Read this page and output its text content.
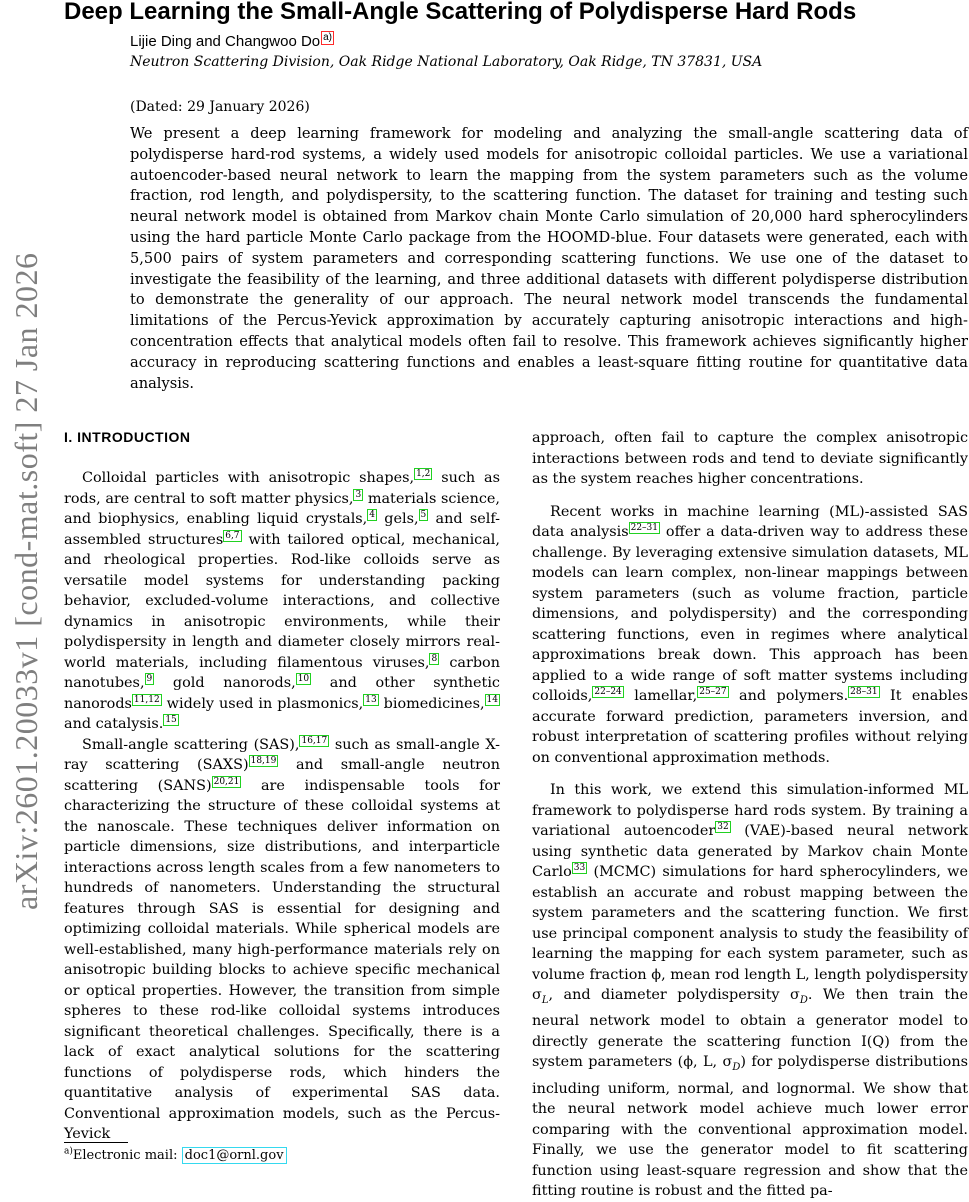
Deep Learning the Small-Angle Scattering of Polydisperse Hard Rods
Lijie Ding and Changwoo Do a)
Neutron Scattering Division, Oak Ridge National Laboratory, Oak Ridge, TN 37831, USA
(Dated: 29 January 2026)

We present a deep learning framework for modeling and analyzing the small-angle scattering data of polydisperse hard-rod systems, a widely used models for anisotropic colloidal particles. We use a variational autoencoder-based neural network to learn the mapping from the system parameters such as the volume fraction, rod length, and polydispersity, to the scattering function. The dataset for training and testing such neural network model is obtained from Markov chain Monte Carlo simulation of 20,000 hard spherocylinders using the hard particle Monte Carlo package from the HOOMD-blue. Four datasets were generated, each with 5,500 pairs of system parameters and corresponding scattering functions. We use one of the dataset to investigate the feasibility of the learning, and three additional datasets with different polydisperse distribution to demonstrate the generality of our approach. The neural network model transcends the fundamental limitations of the Percus-Yevick approximation by accurately capturing anisotropic interactions and high-concentration effects that analytical models often fail to resolve. This framework achieves significantly higher accuracy in reproducing scattering functions and enables a least-square fitting routine for quantitative data analysis.

arXiv:2601.20033v1 [cond-mat.soft] 27 Jan 2026 I. INTRODUCTION

Colloidal particles with anisotropic shapes, $^{1,2}$ such as rods, are central to soft matter physics, $^3$ materials science, and biophysics, enabling liquid crystals, $^4$ gels, $^5$ and self-assembled structures $^{6,7}$ with tailored optical, mechanical, and rheological properties. Rod-like colloids serve as versatile model systems for understanding packing behavior, excluded-volume interactions, and collective dynamics in anisotropic environments, while their polydispersity in length and diameter closely mirrors real-world materials, including filamentous viruses, $^8$ carbon nanotubes, $^9$ gold nanorods, $^{10}$ and other synthetic nanorods $^{11,12}$ widely used in plasmonics, $^{13}$ biomedicines, $^{14}$ and catalysis. $^{15}$

Small-angle scattering (SAS), $^{16,17}$ such as small-angle X-ray scattering (SAXS) $^{18,19}$ and small-angle neutron scattering (SANS) $^{20,21}$ are indispensable tools for characterizing the structure of these colloidal systems at the nanoscale. These techniques deliver information on particle dimensions, size distributions, and interparticle interactions across length scales from a few nanometers to hundreds of nanometers. Understanding the structural features through SAS is essential for designing and optimizing colloidal materials. While spherical models are well-established, many high-performance materials rely on anisotropic building blocks to achieve specific mechanical or optical properties. However, the transition from simple spheres to these rod-like colloidal systems introduces significant theoretical challenges. Specifically, there is a lack of exact analytical solutions for the scattering functions of polydisperse rods, which hinders the quantitative analysis of experimental SAS data. Conventional approximation models, such as the Percus-Yevick

approach, often fail to capture the complex anisotropic interactions between rods and tend to deviate significantly as the system reaches higher concentrations.

Recent works in machine learning (ML)-assisted SAS data analysis $^{22-31}$ offer a data-driven way to address these challenge. By leveraging extensive simulation datasets, ML models can learn complex, non-linear mappings between system parameters (such as volume fraction, particle dimensions, and polydispersity) and the corresponding scattering functions, even in regimes where analytical approximations break down. This approach has been applied to a wide range of soft matter systems including colloids, $^{22-24}$ lamellar, $^{25-27}$ and polymers. $^{28-31}$ It enables accurate forward prediction, parameters inversion, and robust interpretation of scattering profiles without relying on conventional approximation methods.

In this work, we extend this simulation-informed ML framework to polydisperse hard rods system. By training a variational autoencoder $^{32}$ (VAE)-based neural network using synthetic data generated by Markov chain Monte Carlo $^{33}$ (MCMC) simulations for hard spherocylinders, we establish an accurate and robust mapping between the system parameters and the scattering function. We first use principal component analysis to study the feasibility of learning the mapping for each system parameter, such as volume fraction ϕ, mean rod length L, length polydispersity $\sigma_L$, and diameter polydispersity $\sigma_D$. We then train the neural network model to obtain a generator model to directly generate the scattering function I(Q) from the system parameters (ϕ, L, $\sigma_D$) for polydisperse distributions including uniform, normal, and lognormal. We show that the neural network model achieve much lower error comparing with the conventional approximation model. Finally, we use the generator model to fit scattering function using least-square regression and show that the fitting routine is robust and the fitted pa-

$^{a)}$Electronic mail: doc1@ornl.gov
